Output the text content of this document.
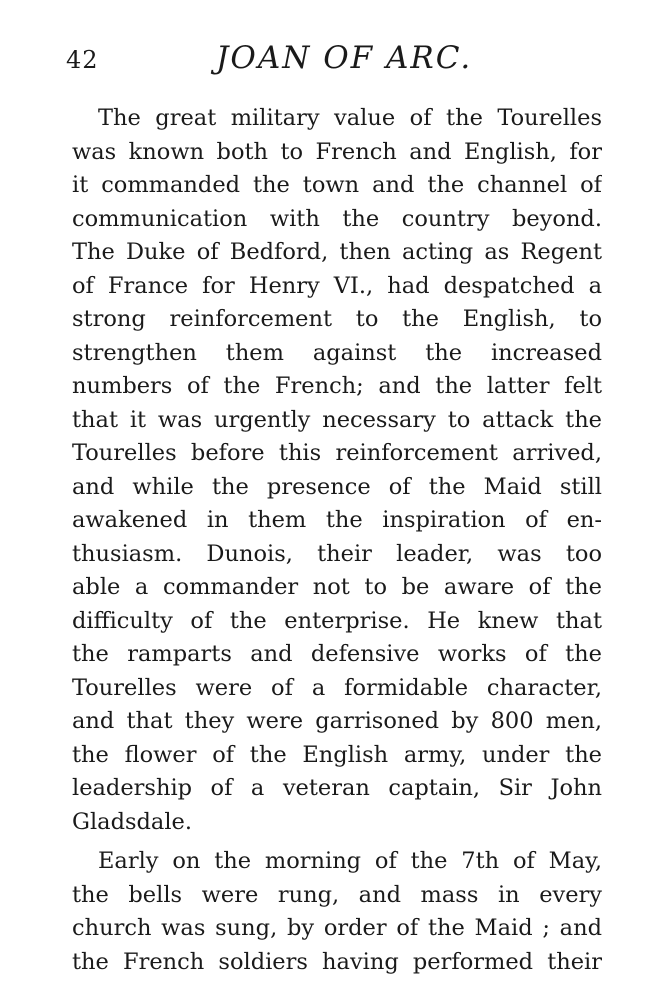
42	JOAN OF ARC.
The great military value of the Tourelles
was known both to French and English, for
it commanded the town and the channel of
communication with the country beyond.
The Duke of Bedford, then acting as Regent
of France for Henry VI., had despatched a
strong reinforcement to the English, to
strengthen them against the increased
numbers of the French; and the latter felt
that it was urgently necessary to attack the
Tourelles before this reinforcement arrived,
and while the presence of the Maid still
awakened in them the inspiration of en-
thusiasm. Dunois, their leader, was too
able a commander not to be aware of the
difficulty of the enterprise. He knew that
the ramparts and defensive works of the
Tourelles were of a formidable character,
and that they were garrisoned by 800 men,
the flower of the English army, under the
leadership of a veteran captain, Sir John
Gladsdale.
Early on the morning of the 7th of May,
the bells were rung, and mass in every
church was sung, by order of the Maid ; and
the French soldiers having performed their
